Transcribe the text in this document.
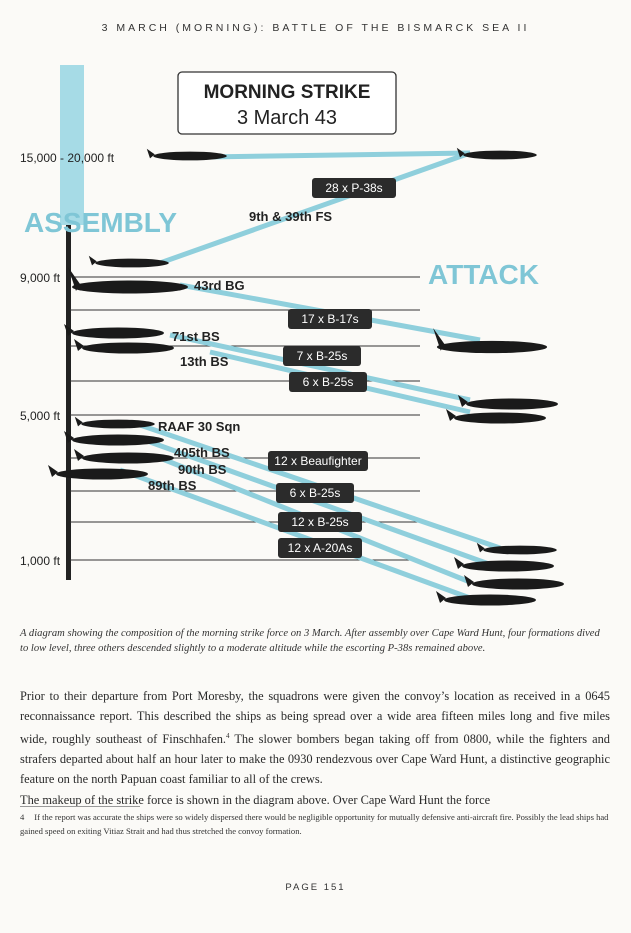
3 MARCH (MORNING): BATTLE OF THE BISMARCK SEA II
MORNING STRIKE
3 March 43
15,000 - 20,000 ft
9,000 ft
5,000 ft
1,000 ft
ASSEMBLY
ATTACK
9th & 39th FS
43rd BG
71st BS
13th BS
RAAF 30 Sqn
405th BS
90th BS
89th BS
28 x P-38s
17 x B-17s
7 x B-25s
6 x B-25s
12 x Beaufighter
6 x B-25s
12 x B-25s
12 x A-20As
A diagram showing the composition of the morning strike force on 3 March. After assembly over Cape Ward Hunt, four formations dived to low level, three others descended slightly to a moderate altitude while the escorting P-38s remained above.
Prior to their departure from Port Moresby, the squadrons were given the convoy’s location as received in a 0645 reconnaissance report. This described the ships as being spread over a wide area fifteen miles long and five miles wide, roughly southeast of Finschhafen.$^4$ The slower bombers began taking off from 0800, while the fighters and strafers departed about half an hour later to make the 0930 rendezvous over Cape Ward Hunt, a distinctive geographic feature on the north Papuan coast familiar to all of the crews.
The makeup of the strike force is shown in the diagram above. Over Cape Ward Hunt the force
4 If the report was accurate the ships were so widely dispersed there would be negligible opportunity for mutually defensive anti-aircraft fire. Possibly the lead ships had gained speed on exiting Vitiaz Strait and had thus stretched the convoy formation.
PAGE 151
